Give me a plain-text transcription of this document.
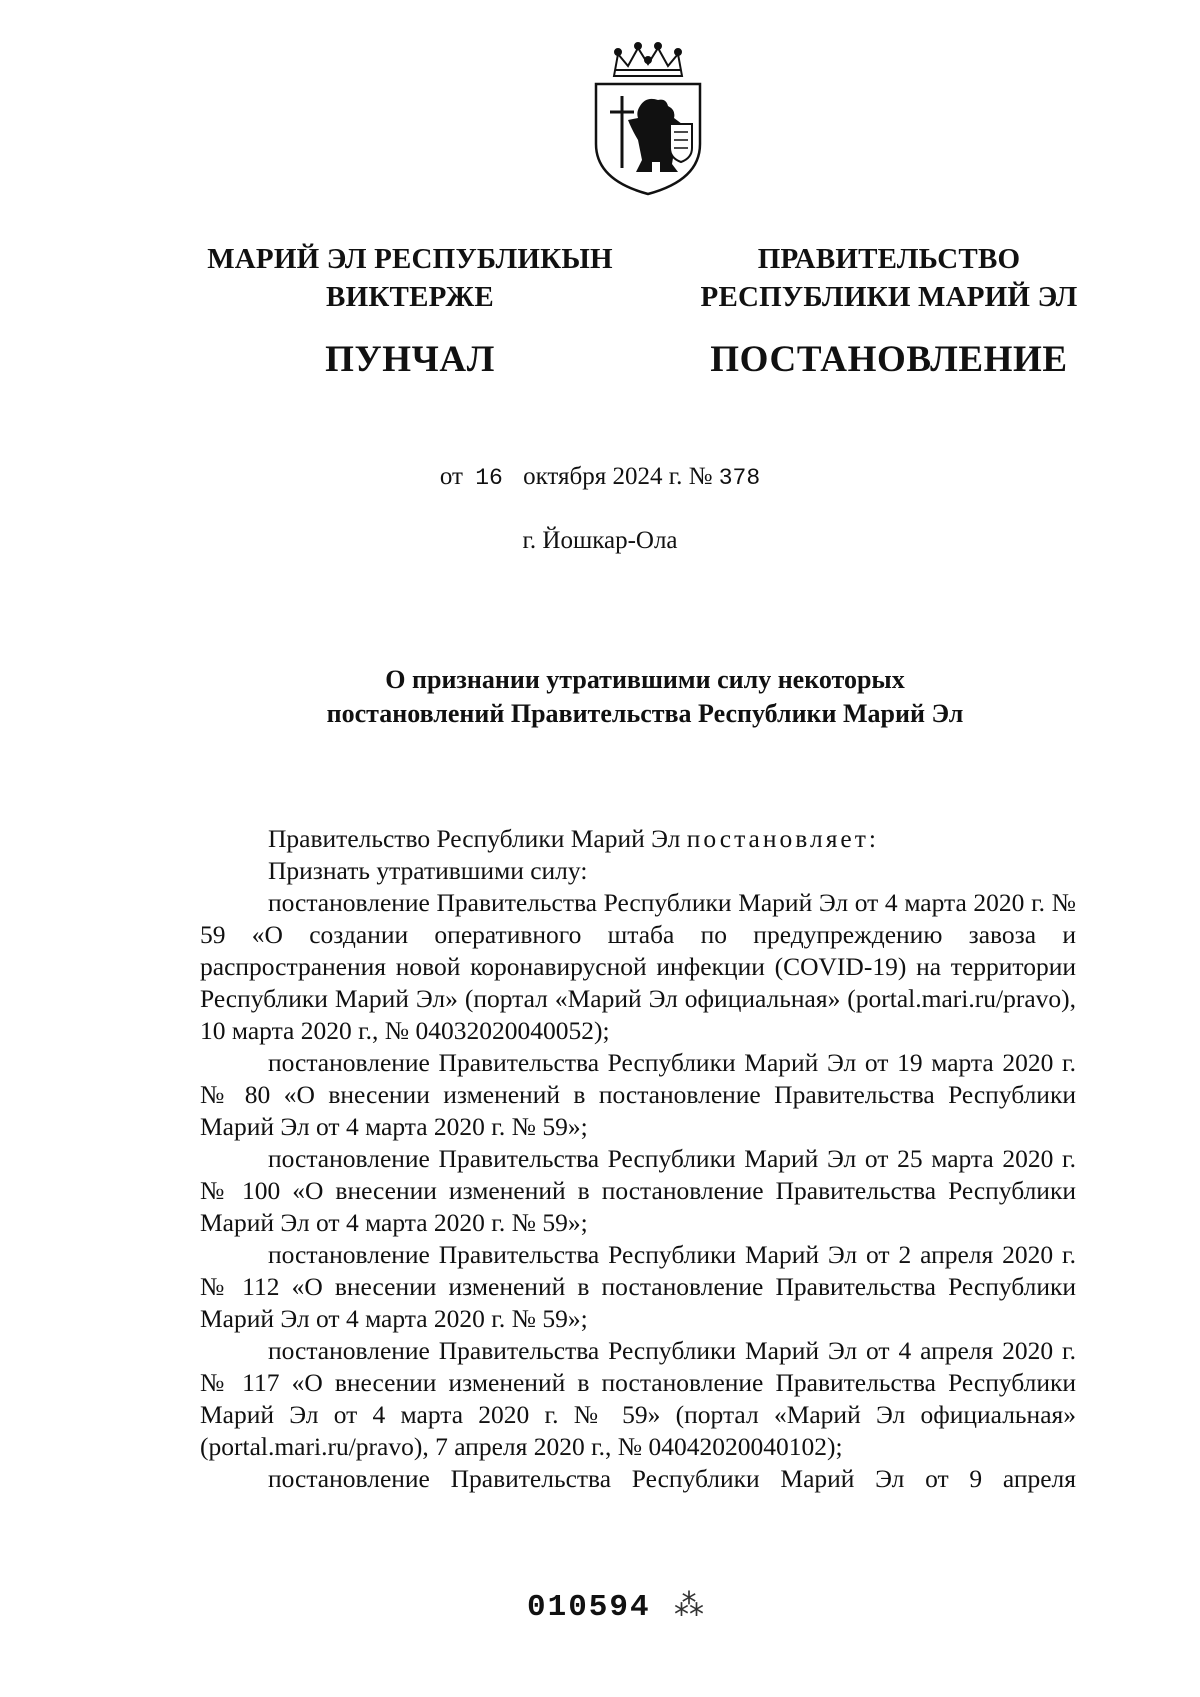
МАРИЙ ЭЛ РЕСПУБЛИКЫН
ВИКТЕРЖЕ
ПУНЧАЛ
ПРАВИТЕЛЬСТВО
РЕСПУБЛИКИ МАРИЙ ЭЛ
ПОСТАНОВЛЕНИЕ
от 16 октября 2024 г. № 378
г. Йошкар-Ола
О признании утратившими силу некоторых
постановлений Правительства Республики Марий Эл

Правительство Республики Марий Эл постановляет:

Признать утратившими силу:

постановление Правительства Республики Марий Эл от 4 марта 2020 г. № 59 «О создании оперативного штаба по предупреждению завоза и распространения новой коронавирусной инфекции (COVID-19) на территории Республики Марий Эл» (портал «Марий Эл официальная» (portal.mari.ru/pravo), 10 марта 2020 г., № 04032020040052);

постановление Правительства Республики Марий Эл от 19 марта 2020 г. № 80 «О внесении изменений в постановление Правительства Республики Марий Эл от 4 марта 2020 г. № 59»;

постановление Правительства Республики Марий Эл от 25 марта 2020 г. № 100 «О внесении изменений в постановление Правительства Республики Марий Эл от 4 марта 2020 г. № 59»;

постановление Правительства Республики Марий Эл от 2 апреля 2020 г. № 112 «О внесении изменений в постановление Правительства Республики Марий Эл от 4 марта 2020 г. № 59»;

постановление Правительства Республики Марий Эл от 4 апреля 2020 г. № 117 «О внесении изменений в постановление Правительства Республики Марий Эл от 4 марта 2020 г. № 59» (портал «Марий Эл официальная» (portal.mari.ru/pravo), 7 апреля 2020 г., № 04042020040102);

постановление Правительства Республики Марий Эл от 9 апреля

010594 ⁂
